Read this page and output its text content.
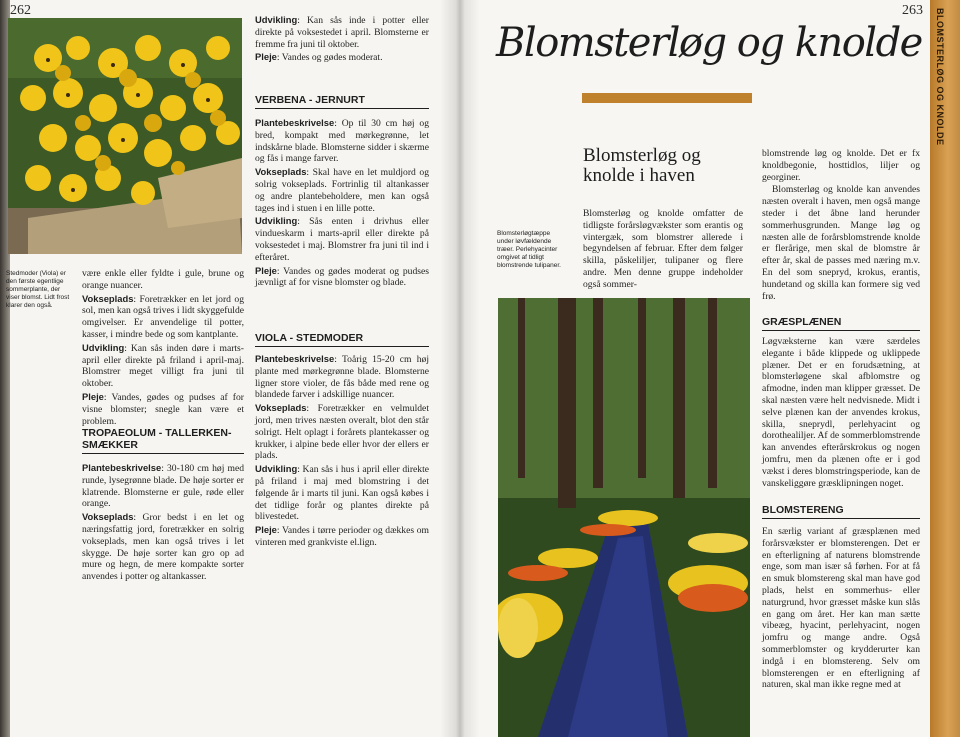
BLOMSTERLØG OG KNOLDE
262
Stedmoder (Viola) er den første egentlige sommerplante, der viser blomst. Lidt frost klarer den også.

være enkle eller fyldte i gule, brune og orange nuancer.

Vokseplads: Foretrækker en let jord og sol, men kan også trives i lidt skyggefulde omgivelser. Er anvendelige til potter, kasser, i mindre bede og som kantplante.

Udvikling: Kan sås inden døre i marts-april eller direkte på friland i april-maj. Blomstrer meget villigt fra juni til oktober.

Pleje: Vandes, gødes og pudses af for visne blomster; snegle kan være et problem.

TROPAEOLUM - TALLERKEN-SMÆKKER

Plantebeskrivelse: 30-180 cm høj med runde, lysegrønne blade. De høje sorter er klatrende. Blomsterne er gule, røde eller orange.

Vokseplads: Gror bedst i en let og næringsfattig jord, foretrækker en solrig vokseplads, men kan også trives i let skygge. De høje sorter kan gro op ad mure og hegn, de mere kompakte sorter anvendes i potter og altankasser.

Udvikling: Kan sås inde i potter eller direkte på voksestedet i april. Blomsterne er fremme fra juni til oktober.

Pleje: Vandes og gødes moderat.

VERBENA - JERNURT

Plantebeskrivelse: Op til 30 cm høj og bred, kompakt med mørkegrønne, let indskårne blade. Blomsterne sidder i skærme og fås i mange farver.

Vokseplads: Skal have en let muldjord og solrig vokseplads. Fortrinlig til altankasser og andre plantebeholdere, men kan også tages ind i stuen i en lille potte.

Udvikling: Sås enten i drivhus eller vindueskarm i marts-april eller direkte på voksestedet i maj. Blomstrer fra juni til ind i efteråret.

Pleje: Vandes og gødes moderat og pudses jævnligt af for visne blomster og blade.

VIOLA - STEDMODER

Plantebeskrivelse: Toårig 15-20 cm høj plante med mørkegrønne blade. Blomsterne ligner store violer, de fås både med rene og blandede farver i adskillige nuancer.

Vokseplads: Foretrækker en velmuldet jord, men trives næsten overalt, blot den står solrigt. Helt oplagt i forårets plantekasser og krukker, i alpine bede eller hvor der ellers er plads.

Udvikling: Kan sås i hus i april eller direkte på friland i maj med blomstring i det følgende år i marts til juni. Kan også købes i det tidlige forår og plantes direkte på blivestedet.

Pleje: Vandes i tørre perioder og dækkes om vinteren med grankviste el.lign.

263
Blomsterløg og knolde
Blomsterløg og
knolde i haven
Blomsterløgtæppe under løvfældende træer. Perlehyacinter omgivet af tidligt blomstrende tulipaner.
Blomsterløg og knolde omfatter de tidligste forårsløgvækster som erantis og vintergæk, som blomstrer allerede i begyndelsen af februar. Efter dem følger skilla, påskeliljer, tulipaner og flere andre. Men denne gruppe indeholder også sommer-

blomstrende løg og knolde. Det er fx knoldbegonie, hosttidlos, liljer og georginer.

Blomsterløg og knolde kan anvendes næsten overalt i haven, men også mange steder i det åbne land herunder sommerhusgrunden. Mange løg og næsten alle de forårsblomstrende knolde er flerårige, men skal de blomstre år efter år, skal de passes med næring m.v. En del som snepryd, krokus, erantis, hundetand og skilla kan formere sig ved frø.

GRÆSPLÆNEN
Løgvæksterne kan være særdeles elegante i både klippede og uklippede plæner. Det er en forudsætning, at blomsterløgene skal afblomstre og afmodne, inden man klipper græsset. De skal næsten være helt nedvisnede. Midt i selve plænen kan der anvendes krokus, skilla, sneprydl, perlehyacint og dorothealiljer. Af de sommerblomstrende kan anvendes efterårskrokus og nogen jomfru, men da plænen ofte er i god vækst i deres blomstringsperiode, kan de vanskeliggøre græsklipningen noget.
BLOMSTERENG
En særlig variant af græsplænen med forårsvækster er blomsterengen. Det er en efterligning af naturens blomstrende enge, som man især så førhen. For at få en smuk blomstereng skal man have god plads, helst en sommerhus- eller naturgrund, hvor græsset måske kun slås en gang om året. Her kan man sætte vibeæg, hyacint, perlehyacint, nogen jomfru og mange andre. Også sommerblomster og krydderurter kan indgå i en blomstereng. Selv om blomsterengen er en efterligning af naturen, skal man ikke regne med at
